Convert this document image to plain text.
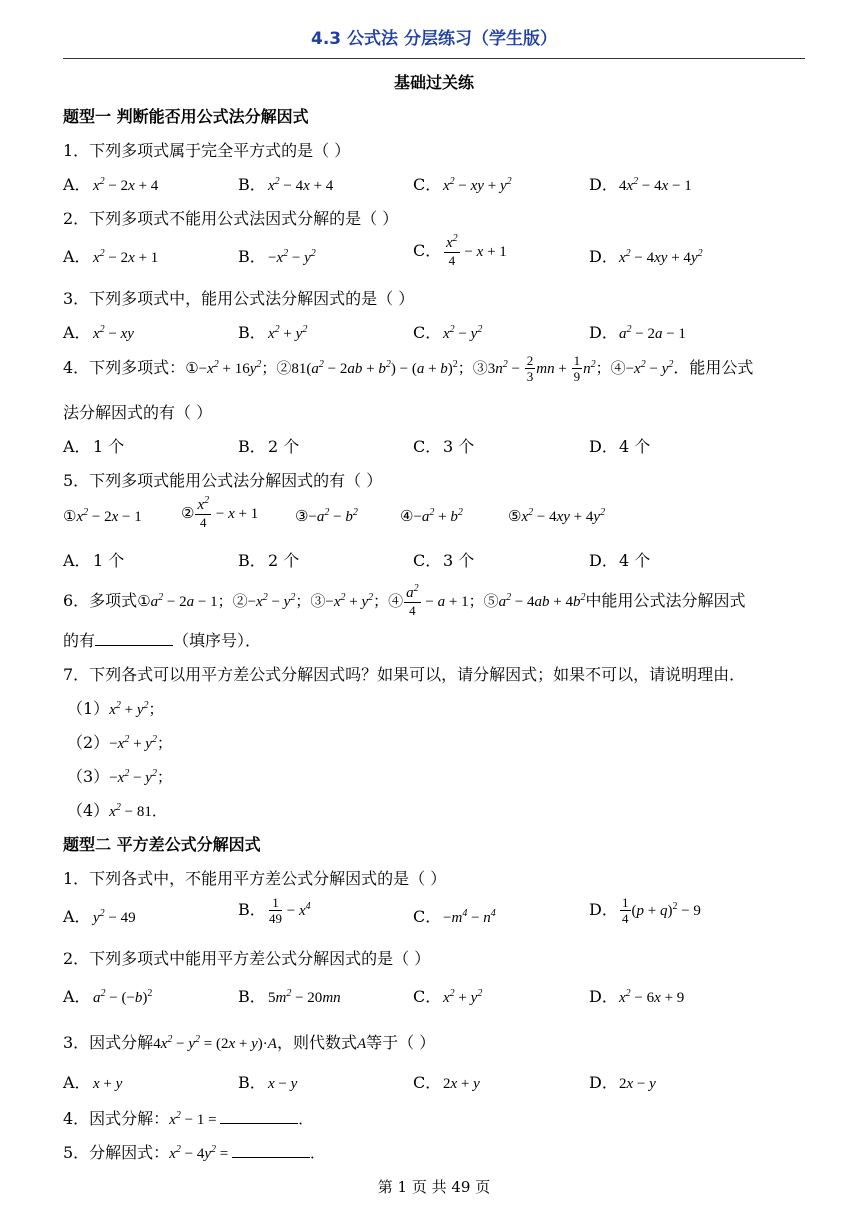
4.3 公式法 分层练习（学生版）
基础过关练
题型一 判断能否用公式法分解因式
1．下列多项式属于完全平方式的是（ ）
A． $x^2 - 2x + 4$	B． $x^2 - 4x + 4$	C． $x^2$ − xy + $y^2$	D．$4x^2 - 4x - 1$
2．下列多项式不能用公式法因式分解的是（ ）
A． $x^2 - 2x + 1$	B． $-x^2 - y^2$	C． $\frac{x^2}{4} - x + 1$	D．$x^2 - 4xy + 4y^2$
3．下列多项式中，能用公式法分解因式的是（ ）
A． $x^2$ − xy	B． $x^2 + y^2$	C． $x^2 - y^2$	D．$a^2 - 2a - 1$
4．下列多项式：$①-x^2 + 16y^2$；$②81(a^2 - 2ab + b^2) - (a + b)^2$；$③3n^2 - \frac{2}{3}$ mn + $\frac{1}{9} n^2$；$④-x^2 - y^2$．能用公式
法分解因式的有（ ）
A． 1 个	B． 2 个	C． 3 个	D．4 个
5．下列多项式能用公式法分解因式的有（ ）
$①x^2 - 2x - 1$	② $\frac{x^2}{4} - x + 1$ $③-a^2 - b^2$	$④-a^2 + b^2$	$⑤x^2 - 4xy + 4y^2$
A． 1 个	B． 2 个	C． 3 个	D．4 个
6．多项式$①a^2 - 2a - 1$；$②-x^2 - y^2$；$③-x^2 + y^2$；④ $\frac{a^2}{4} - a + 1$；$⑤a^2 - 4ab + 4b^2$中能用公式法分解因式
的有	（填序号）．
7．下列各式可以用平方差公式分解因式吗？如果可以，请分解因式；如果不可以，请说明理由．
$(1)x^2 + y^2$；
$(2)-x^2 + y^2$；
$(3)-x^2 - y^2$；
$(4)x^2 - 81$．
题型二 平方差公式分解因式
1．下列各式中，不能用平方差公式分解因式的是（ ）
A． $y^2 - 49$	B． $\frac{1}{49} - x^4$
C． $-m^4 - n^4$	D． $\frac{1}{4} (p + q)^2 - 9$
2．下列多项式中能用平方差公式分解因式的是（ ）
A． $a^2 - (-b)^2$	B． $5m^2 - 20mn$	C． $x^2 + y^2$	D．$x^2 - 6x + 9$
3．因式分解$4x^2 - y^2 = (2x + y)\cdot A$，则代数式A等于（ ）
A． x + y	B． x − y	C． 2x + y	D．2x − y
4．因式分解：$x^2 - 1$ =	．
5．分解因式：$x^2 - 4y^2$ =	．
第 1 页 共 49 页
